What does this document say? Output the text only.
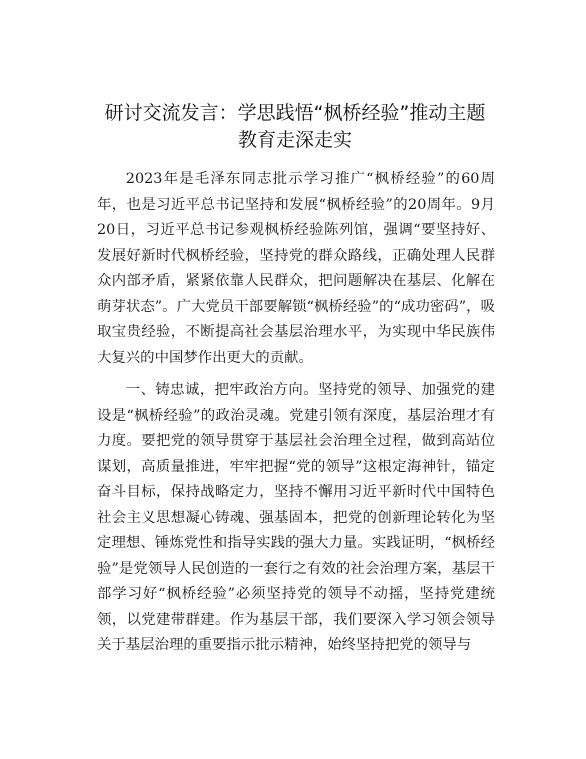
研讨交流发言：学思践悟“枫桥经验”推动主题教育走深走实

2023年是毛泽东同志批示学习推广“枫桥经验”的60周年，也是习近平总书记坚持和发展“枫桥经验”的20周年。9月20日，习近平总书记参观枫桥经验陈列馆，强调“要坚持好、发展好新时代枫桥经验，坚持党的群众路线，正确处理人民群众内部矛盾，紧紧依靠人民群众，把问题解决在基层、化解在萌芽状态”。广大党员干部要解锁“枫桥经验”的“成功密码”，吸取宝贵经验，不断提高社会基层治理水平，为实现中华民族伟大复兴的中国梦作出更大的贡献。

一、铸忠诚，把牢政治方向。坚持党的领导、加强党的建设是“枫桥经验”的政治灵魂。党建引领有深度，基层治理才有力度。要把党的领导贯穿于基层社会治理全过程，做到高站位谋划，高质量推进，牢牢把握“党的领导”这根定海神针，锚定奋斗目标，保持战略定力，坚持不懈用习近平新时代中国特色社会主义思想凝心铸魂、强基固本，把党的创新理论转化为坚定理想、锤炼党性和指导实践的强大力量。实践证明，“枫桥经验”是党领导人民创造的一套行之有效的社会治理方案，基层干部学习好“枫桥经验”必须坚持党的领导不动摇，坚持党建统领，以党建带群建。作为基层干部，我们要深入学习领会领导关于基层治理的重要指示批示精神，始终坚持把党的领导与
